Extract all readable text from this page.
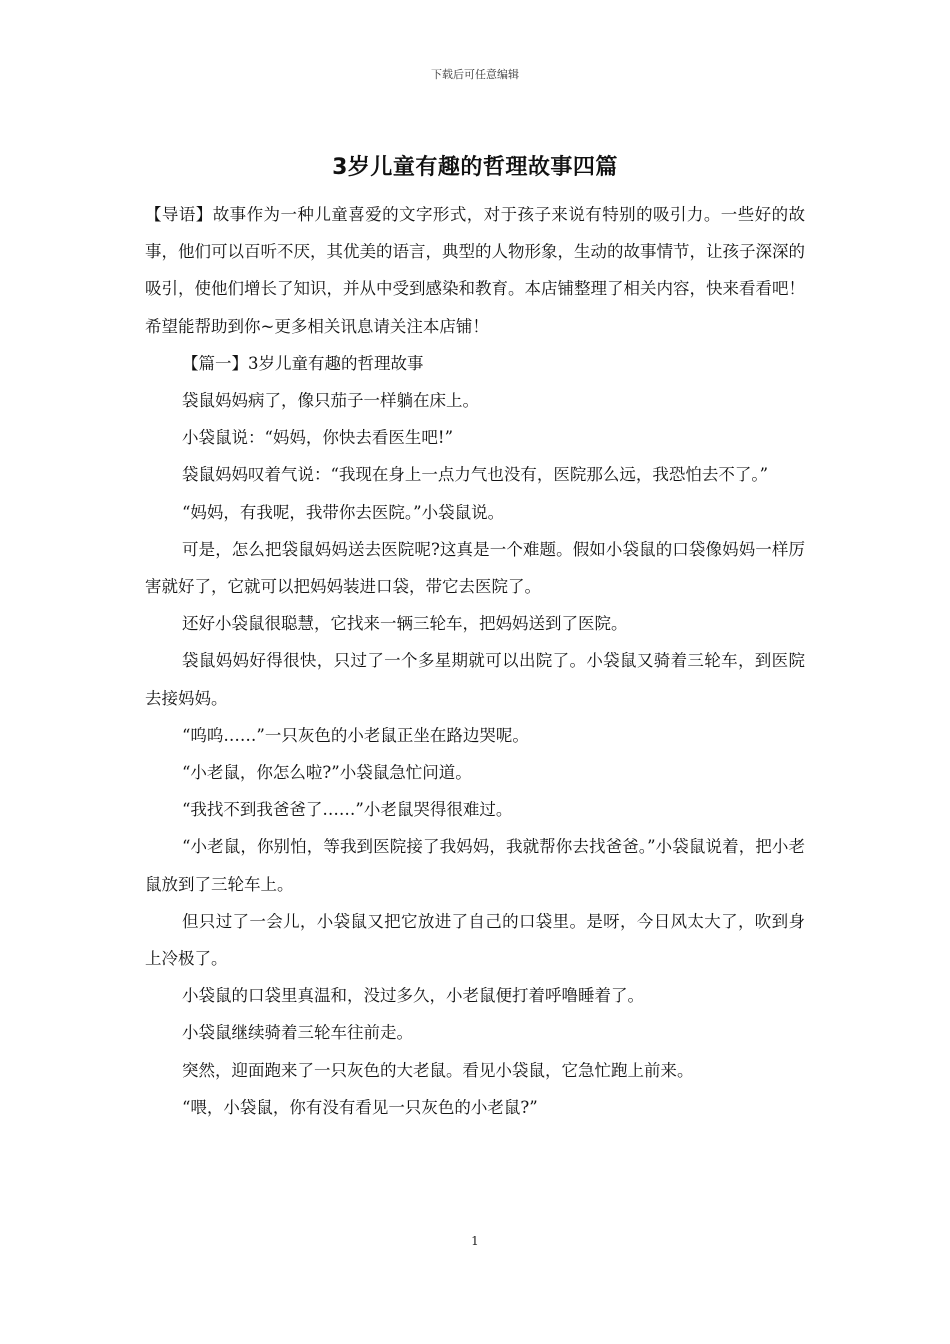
下载后可任意编辑
3岁儿童有趣的哲理故事四篇

【导语】故事作为一种儿童喜爱的文字形式，对于孩子来说有特别的吸引力。一些好的故事，他们可以百听不厌，其优美的语言，典型的人物形象，生动的故事情节，让孩子深深的吸引，使他们增长了知识，并从中受到感染和教育。本店铺整理了相关内容，快来看看吧！希望能帮助到你~更多相关讯息请关注本店铺！

【篇一】3岁儿童有趣的哲理故事

袋鼠妈妈病了，像只茄子一样躺在床上。

小袋鼠说：“妈妈，你快去看医生吧!”

袋鼠妈妈叹着气说：“我现在身上一点力气也没有，医院那么远，我恐怕去不了。”

“妈妈，有我呢，我带你去医院。”小袋鼠说。

可是，怎么把袋鼠妈妈送去医院呢?这真是一个难题。假如小袋鼠的口袋像妈妈一样厉害就好了，它就可以把妈妈装进口袋，带它去医院了。

还好小袋鼠很聪慧，它找来一辆三轮车，把妈妈送到了医院。

袋鼠妈妈好得很快，只过了一个多星期就可以出院了。小袋鼠又骑着三轮车，到医院去接妈妈。

“呜呜……”一只灰色的小老鼠正坐在路边哭呢。

“小老鼠，你怎么啦?”小袋鼠急忙问道。

“我找不到我爸爸了……”小老鼠哭得很难过。

“小老鼠，你别怕，等我到医院接了我妈妈，我就帮你去找爸爸。”小袋鼠说着，把小老鼠放到了三轮车上。

但只过了一会儿，小袋鼠又把它放进了自己的口袋里。是呀，今日风太大了，吹到身上冷极了。

小袋鼠的口袋里真温和，没过多久，小老鼠便打着呼噜睡着了。

小袋鼠继续骑着三轮车往前走。

突然，迎面跑来了一只灰色的大老鼠。看见小袋鼠，它急忙跑上前来。

“喂，小袋鼠，你有没有看见一只灰色的小老鼠?”

1
